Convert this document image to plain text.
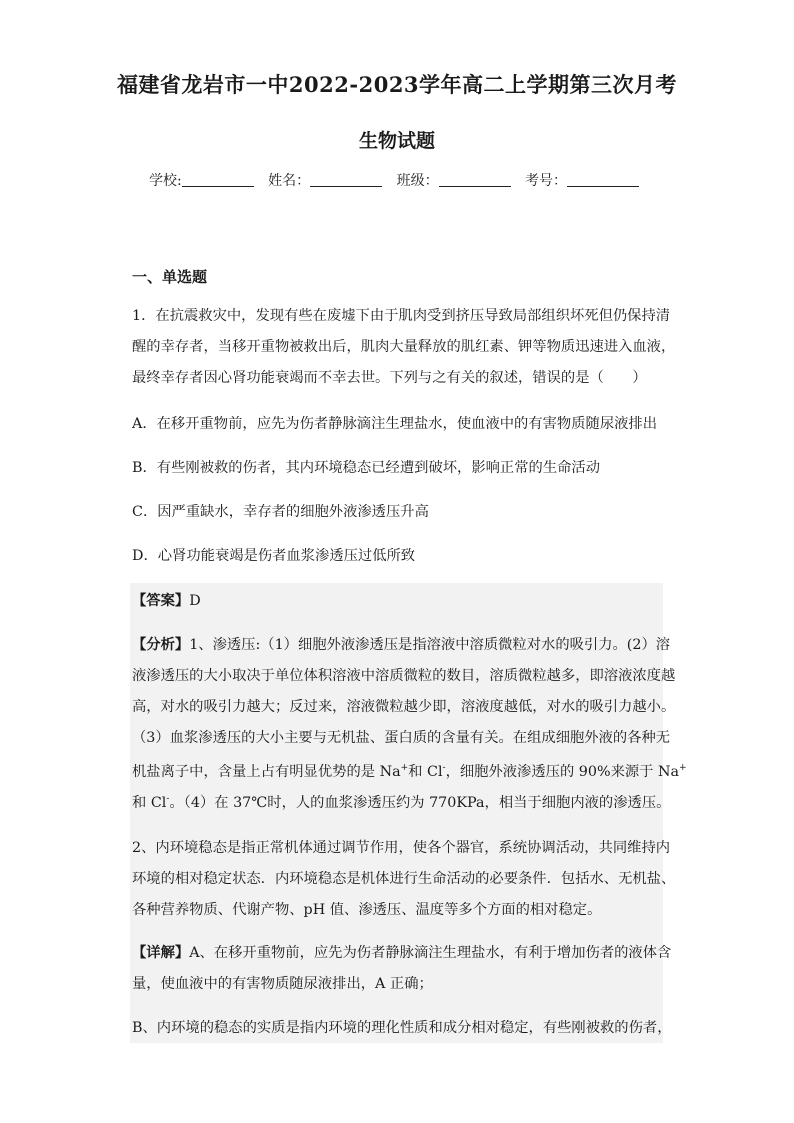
福建省龙岩市一中2022-2023学年高二上学期第三次月考
生物试题
学校:	姓名：	班级：	考号：
一、单选题
1．在抗震救灾中，发现有些在废墟下由于肌肉受到挤压导致局部组织坏死但仍保持清
醒的幸存者，当移开重物被救出后，肌肉大量释放的肌红素、钾等物质迅速进入血液，
最终幸存者因心肾功能衰竭而不幸去世。下列与之有关的叙述，错误的是（　　）
A．在移开重物前，应先为伤者静脉滴注生理盐水，使血液中的有害物质随尿液排出
B．有些刚被救的伤者，其内环境稳态已经遭到破坏，影响正常的生命活动
C．因严重缺水，幸存者的细胞外液渗透压升高
D．心肾功能衰竭是伤者血浆渗透压过低所致
【答案】D
【分析】1、渗透压:（1）细胞外液渗透压是指溶液中溶质微粒对水的吸引力。(2）溶
液渗透压的大小取决于单位体积溶液中溶质微粒的数目，溶质微粒越多，即溶液浓度越
高，对水的吸引力越大；反过来，溶液微粒越少即，溶液度越低，对水的吸引力越小。
（3）血浆渗透压的大小主要与无机盐、蛋白质的含量有关。在组成细胞外液的各种无
机盐离子中，含量上占有明显优势的是 Na+和 Cl-，细胞外液渗透压的 90%来源于 Na+
和 Cl-。（4）在 37℃时，人的血浆渗透压约为 770KPa，相当于细胞内液的渗透压。
2、内环境稳态是指正常机体通过调节作用，使各个器官，系统协调活动，共同维持内
环境的相对稳定状态．内环境稳态是机体进行生命活动的必要条件．包括水、无机盐、
各种营养物质、代谢产物、pH 值、渗透压、温度等多个方面的相对稳定。
【详解】A、在移开重物前，应先为伤者静脉滴注生理盐水，有利于增加伤者的液体含
量，使血液中的有害物质随尿液排出，A 正确；
B、内环境的稳态的实质是指内环境的理化性质和成分相对稳定，有些刚被救的伤者，
